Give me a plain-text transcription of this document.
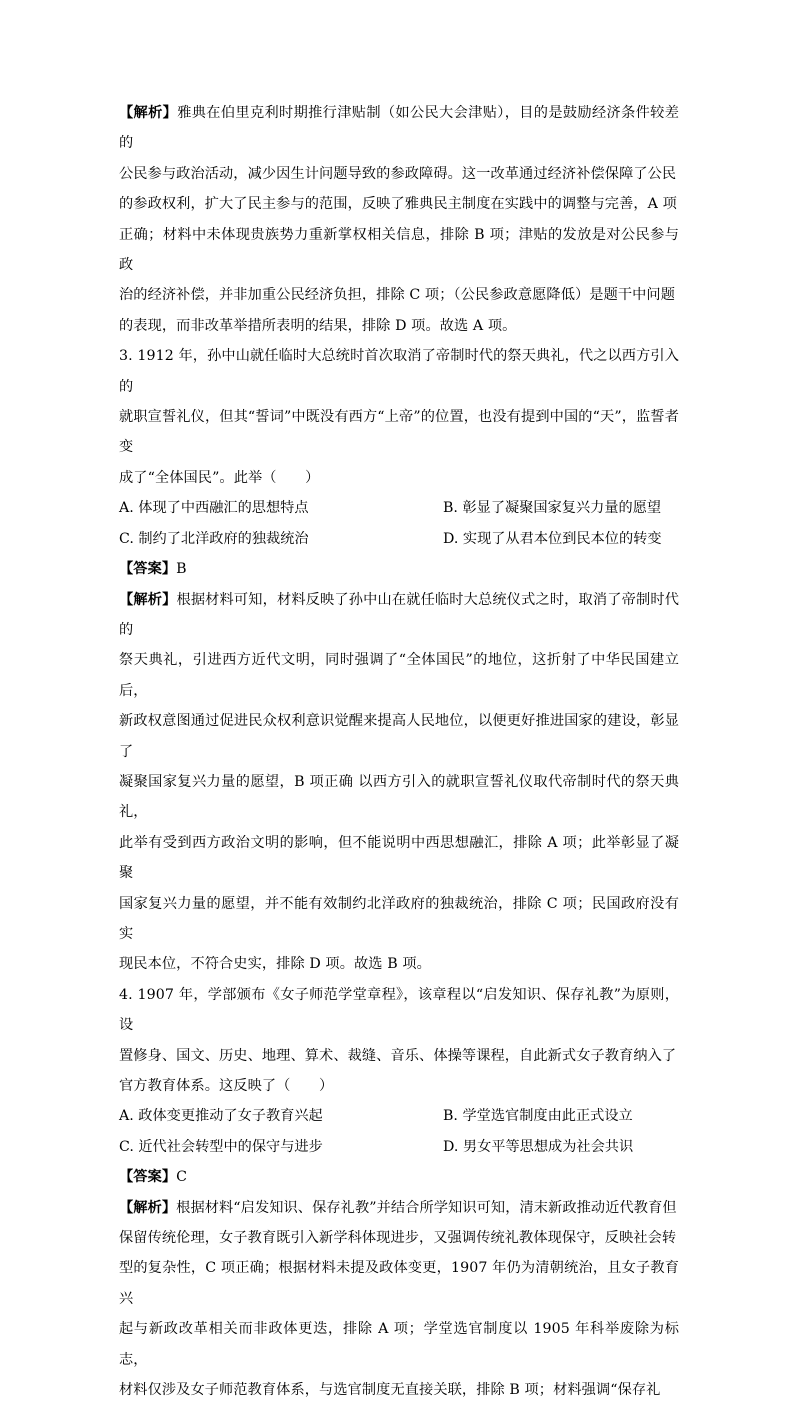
【解析】雅典在伯里克利时期推行津贴制（如公民大会津贴），目的是鼓励经济条件较差的

公民参与政治活动，减少因生计问题导致的参政障碍。这一改革通过经济补偿保障了公民

的参政权利，扩大了民主参与的范围，反映了雅典民主制度在实践中的调整与完善，A 项

正确；材料中未体现贵族势力重新掌权相关信息，排除 B 项；津贴的发放是对公民参与政

治的经济补偿，并非加重公民经济负担，排除 C 项；（公民参政意愿降低）是题干中问题

的表现，而非改革举措所表明的结果，排除 D 项。故选 A 项。

3. 1912 年，孙中山就任临时大总统时首次取消了帝制时代的祭天典礼，代之以西方引入的

就职宣誓礼仪，但其“誓词”中既没有西方“上帝”的位置，也没有提到中国的“天”，监誓者变

成了“全体国民”。此举（　　）

A. 体现了中西融汇的思想特点	B. 彰显了凝聚国家复兴力量的愿望
C. 制约了北洋政府的独裁统治	D. 实现了从君本位到民本位的转变

【答案】B

【解析】根据材料可知，材料反映了孙中山在就任临时大总统仪式之时，取消了帝制时代的

祭天典礼，引进西方近代文明，同时强调了“全体国民”的地位，这折射了中华民国建立后，

新政权意图通过促进民众权利意识觉醒来提高人民地位，以便更好推进国家的建设，彰显了

凝聚国家复兴力量的愿望，B 项正确 以西方引入的就职宣誓礼仪取代帝制时代的祭天典礼，

此举有受到西方政治文明的影响，但不能说明中西思想融汇，排除 A 项；此举彰显了凝聚

国家复兴力量的愿望，并不能有效制约北洋政府的独裁统治，排除 C 项；民国政府没有实

现民本位，不符合史实，排除 D 项。故选 B 项。

4. 1907 年，学部颁布《女子师范学堂章程》，该章程以“启发知识、保存礼教”为原则，设

置修身、国文、历史、地理、算术、裁缝、音乐、体操等课程，自此新式女子教育纳入了

官方教育体系。这反映了（　　）

A. 政体变更推动了女子教育兴起	B. 学堂选官制度由此正式设立
C. 近代社会转型中的保守与进步	D. 男女平等思想成为社会共识

【答案】C

【解析】根据材料“启发知识、保存礼教”并结合所学知识可知，清末新政推动近代教育但

保留传统伦理，女子教育既引入新学科体现进步，又强调传统礼教体现保守，反映社会转

型的复杂性，C 项正确；根据材料未提及政体变更，1907 年仍为清朝统治，且女子教育兴

起与新政改革相关而非政体更迭，排除 A 项；学堂选官制度以 1905 年科举废除为标志，

材料仅涉及女子师范教育体系，与选官制度无直接关联，排除 B 项；材料强调“保存礼
